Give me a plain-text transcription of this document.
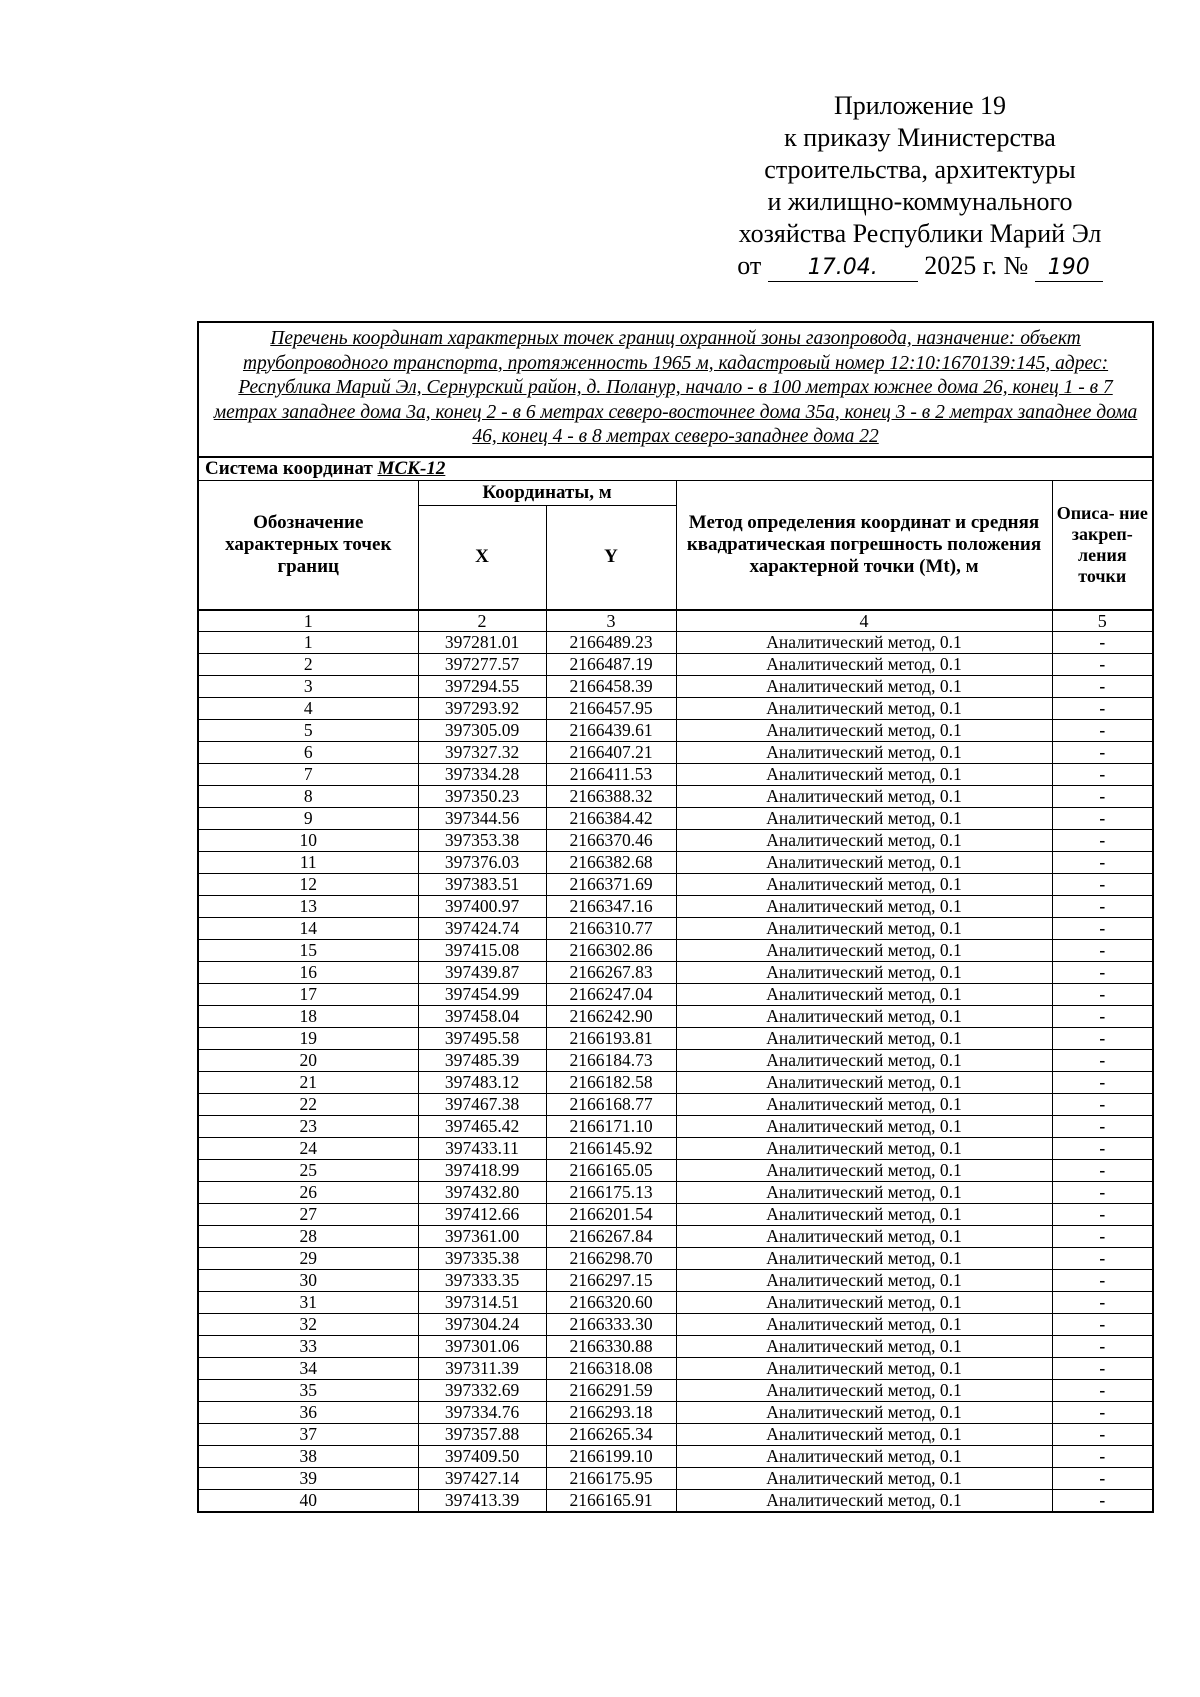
Приложение 19
к приказу Министерства
строительства, архитектуры
и жилищно-коммунального
хозяйства Республики Марий Эл
от 17.04. 2025 г. № 190
Перечень координат характерных точек границ охранной зоны газопровода, назначение: объект трубопроводного транспорта, протяженность 1965 м, кадастровый номер 12:10:1670139:145, адрес: Республика Марий Эл, Сернурский район, д. Поланур, начало - в 100 метрах южнее дома 26, конец 1 - в 7 метрах западнее дома 3а, конец 2 - в 6 метрах северо-восточнее дома 35а, конец 3 - в 2 метрах западнее дома 46, конец 4 - в 8 метрах северо-западнее дома 22				
Система координат МСК-12				
Обозначение характерных точек границ	Координаты, м		Метод определения координат и средняя квадратическая погрешность положения характерной точки (Mt), м	Описа- ние закреп- ления точки
	X	Y		
1	2	3	4	5
1	397281.01	2166489.23	Аналитический метод, 0.1	-
2	397277.57	2166487.19	Аналитический метод, 0.1	-
3	397294.55	2166458.39	Аналитический метод, 0.1	-
4	397293.92	2166457.95	Аналитический метод, 0.1	-
5	397305.09	2166439.61	Аналитический метод, 0.1	-
6	397327.32	2166407.21	Аналитический метод, 0.1	-
7	397334.28	2166411.53	Аналитический метод, 0.1	-
8	397350.23	2166388.32	Аналитический метод, 0.1	-
9	397344.56	2166384.42	Аналитический метод, 0.1	-
10	397353.38	2166370.46	Аналитический метод, 0.1	-
11	397376.03	2166382.68	Аналитический метод, 0.1	-
12	397383.51	2166371.69	Аналитический метод, 0.1	-
13	397400.97	2166347.16	Аналитический метод, 0.1	-
14	397424.74	2166310.77	Аналитический метод, 0.1	-
15	397415.08	2166302.86	Аналитический метод, 0.1	-
16	397439.87	2166267.83	Аналитический метод, 0.1	-
17	397454.99	2166247.04	Аналитический метод, 0.1	-
18	397458.04	2166242.90	Аналитический метод, 0.1	-
19	397495.58	2166193.81	Аналитический метод, 0.1	-
20	397485.39	2166184.73	Аналитический метод, 0.1	-
21	397483.12	2166182.58	Аналитический метод, 0.1	-
22	397467.38	2166168.77	Аналитический метод, 0.1	-
23	397465.42	2166171.10	Аналитический метод, 0.1	-
24	397433.11	2166145.92	Аналитический метод, 0.1	-
25	397418.99	2166165.05	Аналитический метод, 0.1	-
26	397432.80	2166175.13	Аналитический метод, 0.1	-
27	397412.66	2166201.54	Аналитический метод, 0.1	-
28	397361.00	2166267.84	Аналитический метод, 0.1	-
29	397335.38	2166298.70	Аналитический метод, 0.1	-
30	397333.35	2166297.15	Аналитический метод, 0.1	-
31	397314.51	2166320.60	Аналитический метод, 0.1	-
32	397304.24	2166333.30	Аналитический метод, 0.1	-
33	397301.06	2166330.88	Аналитический метод, 0.1	-
34	397311.39	2166318.08	Аналитический метод, 0.1	-
35	397332.69	2166291.59	Аналитический метод, 0.1	-
36	397334.76	2166293.18	Аналитический метод, 0.1	-
37	397357.88	2166265.34	Аналитический метод, 0.1	-
38	397409.50	2166199.10	Аналитический метод, 0.1	-
39	397427.14	2166175.95	Аналитический метод, 0.1	-
40	397413.39	2166165.91	Аналитический метод, 0.1	-
